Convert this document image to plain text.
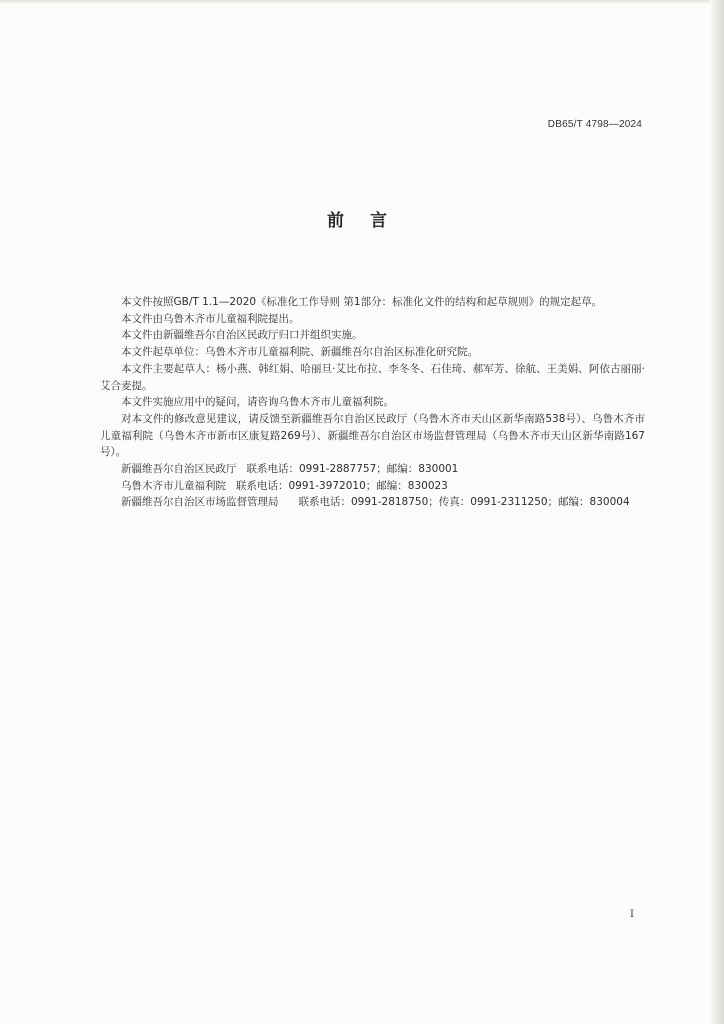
DB65/T 4798—2024
前 言

本文件按照GB/T 1.1—2020《标准化工作导则 第1部分：标准化文件的结构和起草规则》的规定起草。

本文件由乌鲁木齐市儿童福利院提出。

本文件由新疆维吾尔自治区民政厅归口并组织实施。

本文件起草单位：乌鲁木齐市儿童福利院、新疆维吾尔自治区标准化研究院。

本文件主要起草人：杨小燕、韩红娟、哈丽旦·艾比布拉、李冬冬、石佳琦、郝军芳、徐航、王美娟、阿依古丽丽·艾合麦提。

本文件实施应用中的疑问，请咨询乌鲁木齐市儿童福利院。

对本文件的修改意见建议，请反馈至新疆维吾尔自治区民政厅（乌鲁木齐市天山区新华南路538号）、乌鲁木齐市儿童福利院（乌鲁木齐市新市区康复路269号）、新疆维吾尔自治区市场监督管理局（乌鲁木齐市天山区新华南路167号）。

新疆维吾尔自治区民政厅 联系电话：0991-2887757；邮编：830001

乌鲁木齐市儿童福利院 联系电话：0991-3972010；邮编：830023

新疆维吾尔自治区市场监督管理局 联系电话：0991-2818750；传真：0991-2311250；邮编：830004

I
